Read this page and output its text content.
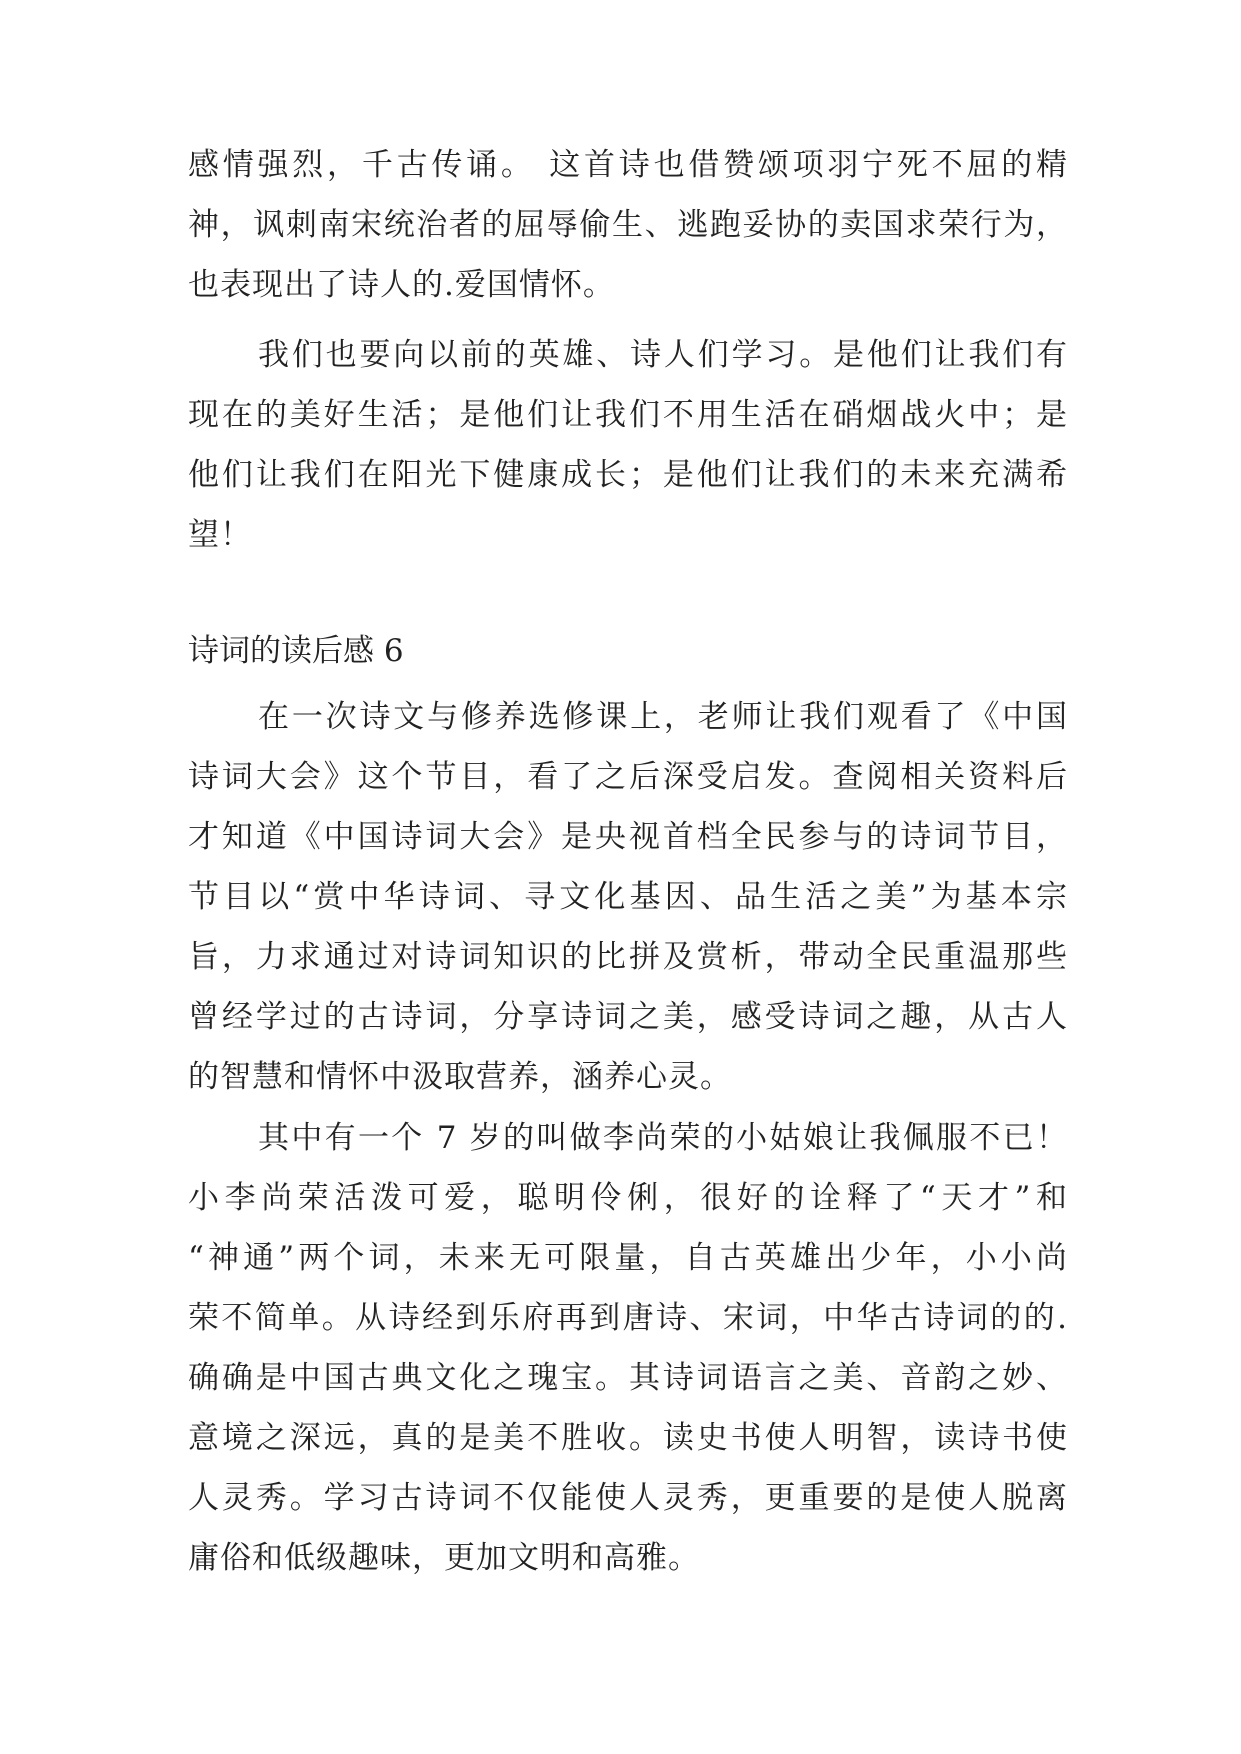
感情强烈，千古传诵。 这首诗也借赞颂项羽宁死不屈的精
神，讽刺南宋统治者的屈辱偷生、逃跑妥协的卖国求荣行为，
也表现出了诗人的.爱国情怀。
我们也要向以前的英雄、诗人们学习。是他们让我们有
现在的美好生活；是他们让我们不用生活在硝烟战火中；是
他们让我们在阳光下健康成长；是他们让我们的未来充满希
望！
诗词的读后感 6
在一次诗文与修养选修课上，老师让我们观看了《中国
诗词大会》这个节目，看了之后深受启发。查阅相关资料后
才知道《中国诗词大会》是央视首档全民参与的诗词节目，
节目以“赏中华诗词、寻文化基因、品生活之美”为基本宗
旨，力求通过对诗词知识的比拼及赏析，带动全民重温那些
曾经学过的古诗词，分享诗词之美，感受诗词之趣，从古人
的智慧和情怀中汲取营养，涵养心灵。
其中有一个 7 岁的叫做李尚荣的小姑娘让我佩服不已！
小李尚荣活泼可爱，聪明伶俐，很好的诠释了“天才”和
“神通”两个词，未来无可限量，自古英雄出少年，小小尚
荣不简单。从诗经到乐府再到唐诗、宋词，中华古诗词的的.
确确是中国古典文化之瑰宝。其诗词语言之美、音韵之妙、
意境之深远，真的是美不胜收。读史书使人明智，读诗书使
人灵秀。学习古诗词不仅能使人灵秀，更重要的是使人脱离
庸俗和低级趣味，更加文明和高雅。
